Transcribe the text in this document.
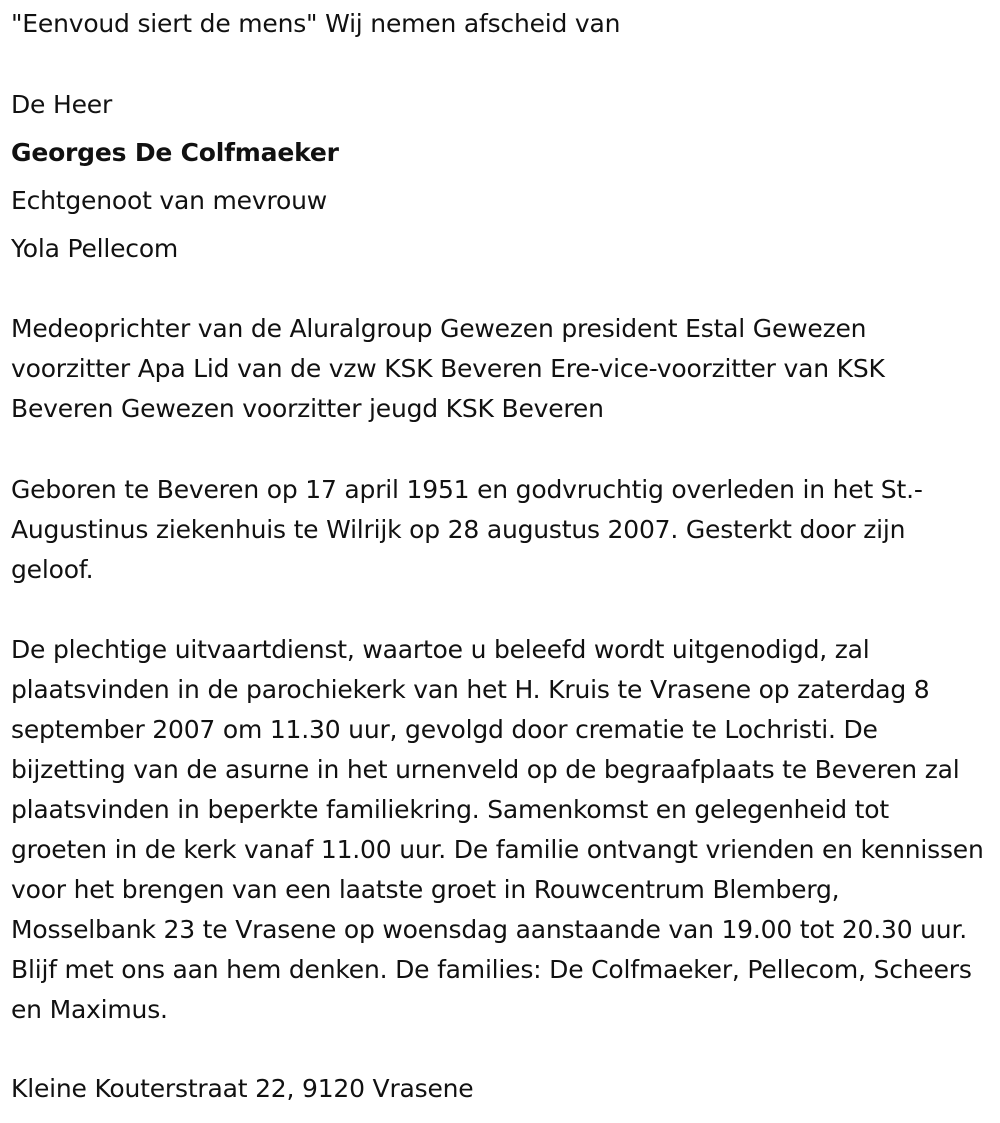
"Eenvoud siert de mens" Wij nemen afscheid van
De Heer
Georges De Colfmaeker
Echtgenoot van mevrouw
Yola Pellecom
Medeoprichter van de Aluralgroup Gewezen president Estal Gewezen voorzitter Apa Lid van de vzw KSK Beveren Ere-vice-voorzitter van KSK Beveren Gewezen voorzitter jeugd KSK Beveren
Geboren te Beveren op 17 april 1951 en godvruchtig overleden in het St.-Augustinus ziekenhuis te Wilrijk op 28 augustus 2007. Gesterkt door zijn geloof.
De plechtige uitvaartdienst, waartoe u beleefd wordt uitgenodigd, zal plaatsvinden in de parochiekerk van het H. Kruis te Vrasene op zaterdag 8 september 2007 om 11.30 uur, gevolgd door crematie te Lochristi. De bijzetting van de asurne in het urnenveld op de begraafplaats te Beveren zal plaatsvinden in beperkte familiekring. Samenkomst en gelegenheid tot groeten in de kerk vanaf 11.00 uur. De familie ontvangt vrienden en kennissen voor het brengen van een laatste groet in Rouwcentrum Blemberg, Mosselbank 23 te Vrasene op woensdag aanstaande van 19.00 tot 20.30 uur. Blijf met ons aan hem denken. De families: De Colfmaeker, Pellecom, Scheers en Maximus.
Kleine Kouterstraat 22, 9120 Vrasene
